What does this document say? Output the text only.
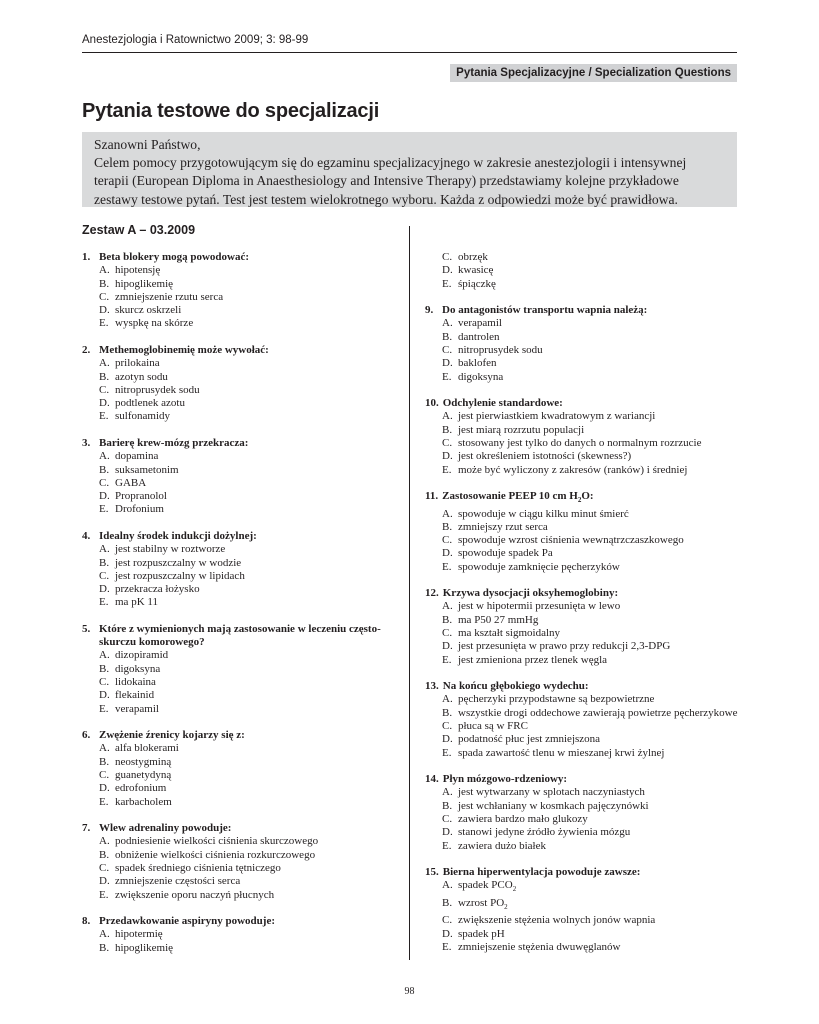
Anestezjologia i Ratownictwo 2009; 3: 98-99
Pytania Specjalizacyjne / Specialization Questions
Pytania testowe do specjalizacji

Szanowni Państwo,

Celem pomocy przygotowującym się do egzaminu specjalizacyjnego w zakresie anestezjologii i intensywnej

terapii (European Diploma in Anaesthesiology and Intensive Therapy) przedstawiamy kolejne przykładowe

zestawy testowe pytań. Test jest testem wielokrotnego wyboru. Każda z odpowiedzi może być prawidłowa.

Zestaw A – 03.2009
1. Beta blokery mogą powodować:
A. hipotensję
B. hipoglikemię
C. zmniejszenie rzutu serca
D. skurcz oskrzeli
E. wyspkę na skórze
2. Methemoglobinemię może wywołać:
A. prilokaina
B. azotyn sodu
C. nitroprusydek sodu
D. podtlenek azotu
E. sulfonamidy
3. Barierę krew-mózg przekracza:
A. dopamina
B. suksametonim
C. GABA
D. Propranolol
E. Drofonium
4. Idealny środek indukcji dożylnej:
A. jest stabilny w roztworze
B. jest rozpuszczalny w wodzie
C. jest rozpuszczalny w lipidach
D. przekracza łożysko
E. ma pK 11
5. Które z wymienionych mają zastosowanie w leczeniu często-
skurczu komorowego?
A. dizopiramid
B. digoksyna
C. lidokaina
D. flekainid
E. verapamil
6. Zwężenie źrenicy kojarzy się z:
A. alfa blokerami
B. neostygminą
C. guanetydyną
D. edrofonium
E. karbacholem
7. Wlew adrenaliny powoduje:
A. podniesienie wielkości ciśnienia skurczowego
B. obniżenie wielkości ciśnienia rozkurczowego
C. spadek średniego ciśnienia tętniczego
D. zmniejszenie częstości serca
E. zwiększenie oporu naczyń płucnych
8. Przedawkowanie aspiryny powoduje:
A. hipotermię
B. hipoglikemię
C. obrzęk
D. kwasicę
E. śpiączkę
9. Do antagonistów transportu wapnia należą:
A. verapamil
B. dantrolen
C. nitroprusydek sodu
D. baklofen
E. digoksyna
10. Odchylenie standardowe:
A. jest pierwiastkiem kwadratowym z wariancji
B. jest miarą rozrzutu populacji
C. stosowany jest tylko do danych o normalnym rozrzucie
D. jest określeniem istotności (skewness?)
E. może być wyliczony z zakresów (ranków) i średniej
11. Zastosowanie PEEP 10 cm $H_2O$:
A. spowoduje w ciągu kilku minut śmierć
B. zmniejszy rzut serca
C. spowoduje wzrost ciśnienia wewnątrzczaszkowego
D. spowoduje spadek Pa
E. spowoduje zamknięcie pęcherzyków
12. Krzywa dysocjacji oksyhemoglobiny:
A. jest w hipotermii przesunięta w lewo
B. ma P50 27 mmHg
C. ma kształt sigmoidalny
D. jest przesunięta w prawo przy redukcji 2,3-DPG
E. jest zmieniona przez tlenek węgla
13. Na końcu głębokiego wydechu:
A. pęcherzyki przypodstawne są bezpowietrzne
B. wszystkie drogi oddechowe zawierają powietrze pęcherzykowe
C. płuca są w FRC
D. podatność płuc jest zmniejszona
E. spada zawartość tlenu w mieszanej krwi żylnej
14. Płyn mózgowo-rdzeniowy:
A. jest wytwarzany w splotach naczyniastych
B. jest wchłaniany w kosmkach pajęczynówki
C. zawiera bardzo mało glukozy
D. stanowi jedyne źródło żywienia mózgu
E. zawiera dużo białek
15. Bierna hiperwentylacja powoduje zawsze:
A. spadek $PCO_2$
B. wzrost $PO_2$
C. zwiększenie stężenia wolnych jonów wapnia
D. spadek pH
E. zmniejszenie stężenia dwuwęglanów
98
